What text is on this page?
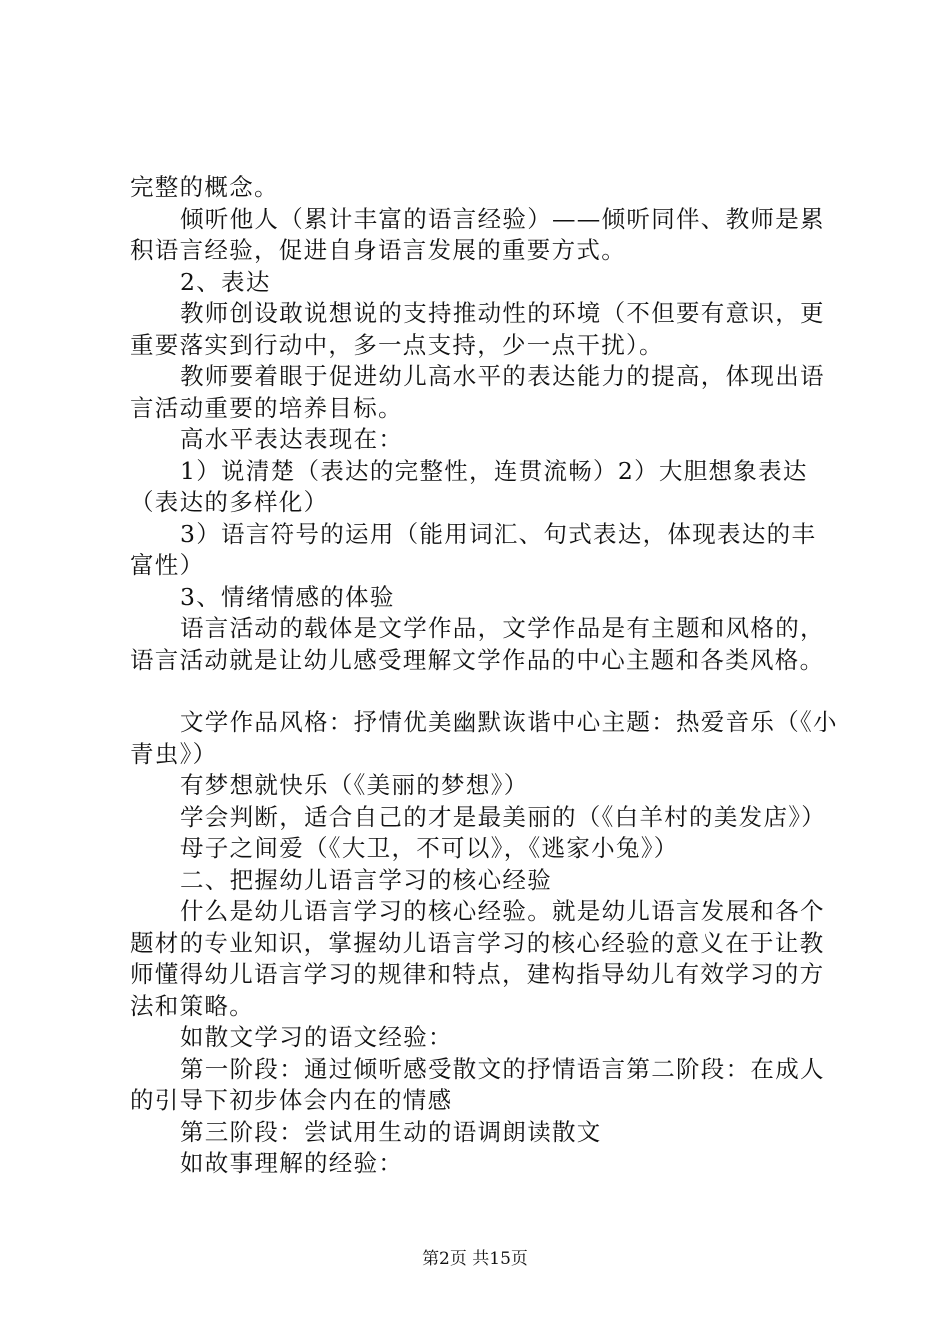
完整的概念。

倾听他人（累计丰富的语言经验）——倾听同伴、教师是累积语言经验，促进自身语言发展的重要方式。

2、表达

教师创设敢说想说的支持推动性的环境（不但要有意识，更重要落实到行动中，多一点支持，少一点干扰）。

教师要着眼于促进幼儿高水平的表达能力的提高，体现出语言活动重要的培养目标。

高水平表达表现在：

1）说清楚（表达的完整性，连贯流畅）2）大胆想象表达（表达的多样化）

3）语言符号的运用（能用词汇、句式表达，体现表达的丰富性）

3、情绪情感的体验

语言活动的载体是文学作品，文学作品是有主题和风格的，语言活动就是让幼儿感受理解文学作品的中心主题和各类风格。

文学作品风格：抒情优美幽默诙谐中心主题：热爱音乐（《小青虫》）

有梦想就快乐（《美丽的梦想》）

学会判断，适合自己的才是最美丽的（《白羊村的美发店》）

母子之间爱（《大卫，不可以》，《逃家小兔》）

二、把握幼儿语言学习的核心经验

什么是幼儿语言学习的核心经验。就是幼儿语言发展和各个题材的专业知识，掌握幼儿语言学习的核心经验的意义在于让教师懂得幼儿语言学习的规律和特点，建构指导幼儿有效学习的方法和策略。

如散文学习的语文经验：

第一阶段：通过倾听感受散文的抒情语言第二阶段：在成人的引导下初步体会内在的情感

第三阶段：尝试用生动的语调朗读散文

如故事理解的经验：

第2页 共15页
